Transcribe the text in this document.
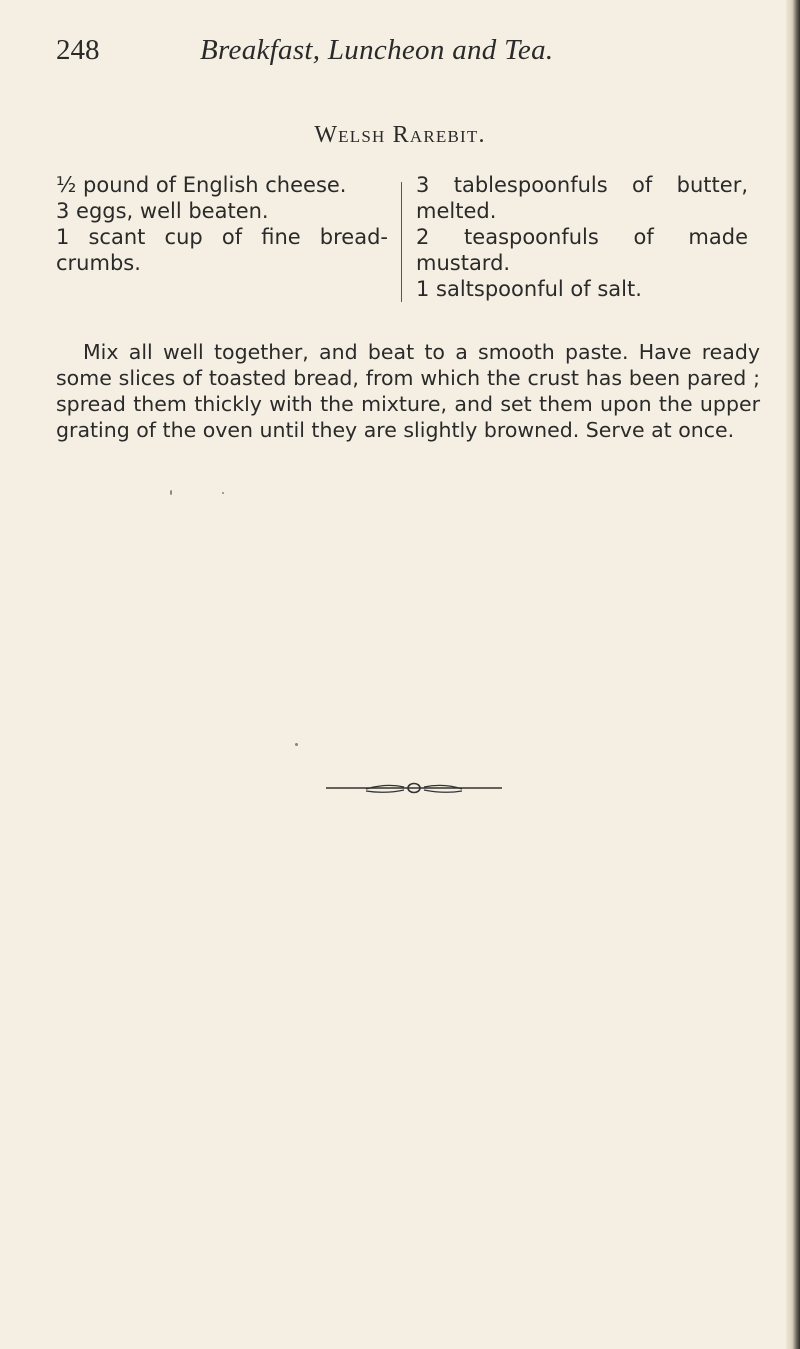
248	Breakfast, Luncheon and Tea.
Welsh Rarebit.
½ pound of English cheese.
3 eggs, well beaten.
1 scant cup of fine bread-crumbs.
3 tablespoonfuls of butter, melted.
2 teaspoonfuls of made mustard.
1 saltspoonful of salt.

Mix all well together, and beat to a smooth paste. Have ready some slices of toasted bread, from which the crust has been pared ; spread them thickly with the mixture, and set them upon the upper grating of the oven until they are slightly browned. Serve at once.
